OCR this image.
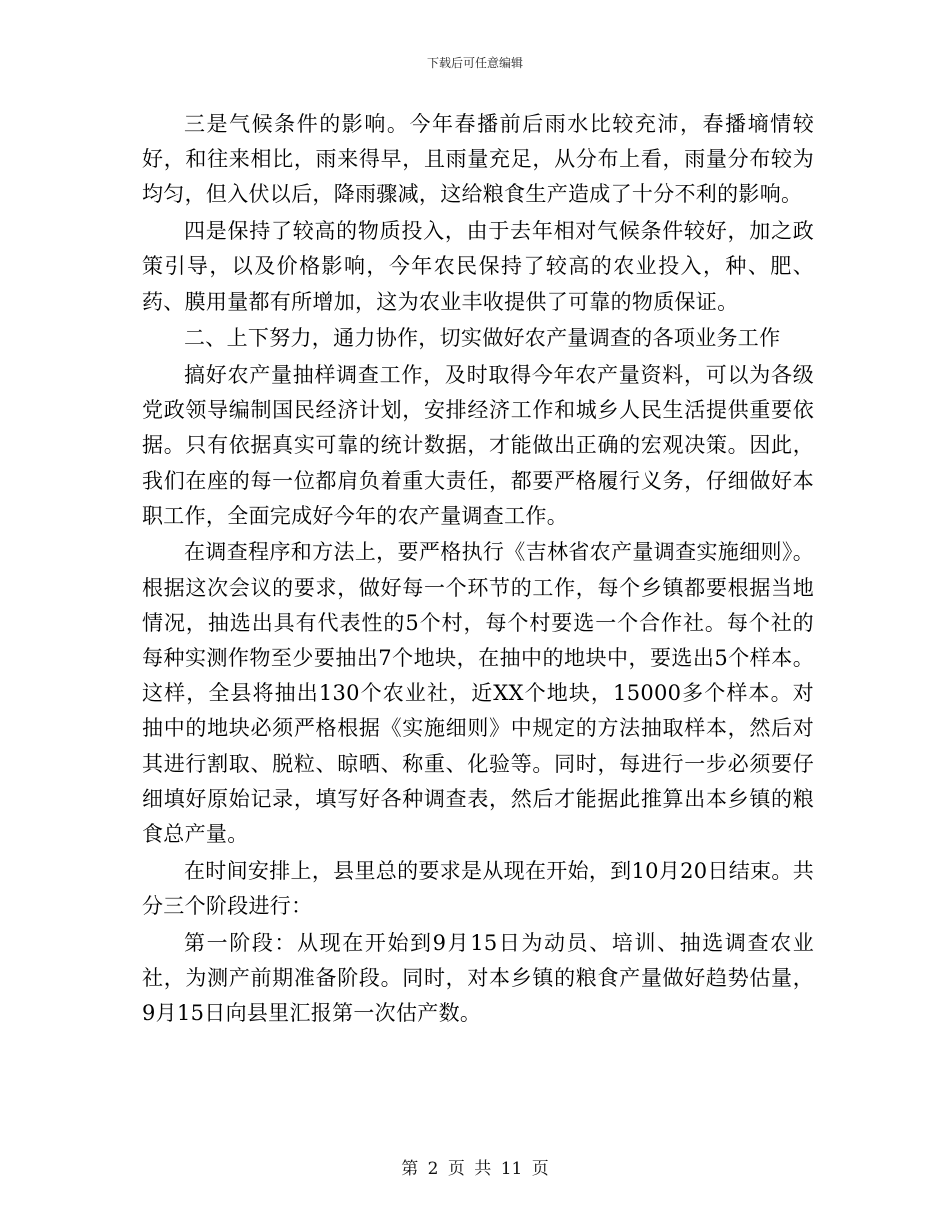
下载后可任意编辑

三是气候条件的影响。今年春播前后雨水比较充沛，春播墒情较好，和往来相比，雨来得早，且雨量充足，从分布上看，雨量分布较为均匀，但入伏以后，降雨骤减，这给粮食生产造成了十分不利的影响。

四是保持了较高的物质投入，由于去年相对气候条件较好，加之政策引导，以及价格影响，今年农民保持了较高的农业投入，种、肥、药、膜用量都有所增加，这为农业丰收提供了可靠的物质保证。

二、上下努力，通力协作，切实做好农产量调查的各项业务工作

搞好农产量抽样调查工作，及时取得今年农产量资料，可以为各级党政领导编制国民经济计划，安排经济工作和城乡人民生活提供重要依据。只有依据真实可靠的统计数据，才能做出正确的宏观决策。因此，我们在座的每一位都肩负着重大责任，都要严格履行义务，仔细做好本职工作，全面完成好今年的农产量调查工作。

在调查程序和方法上，要严格执行《吉林省农产量调查实施细则》。根据这次会议的要求，做好每一个环节的工作，每个乡镇都要根据当地情况，抽选出具有代表性的5个村，每个村要选一个合作社。每个社的每种实测作物至少要抽出7个地块，在抽中的地块中，要选出5个样本。这样，全县将抽出130个农业社，近XX个地块，15000多个样本。对抽中的地块必须严格根据《实施细则》中规定的方法抽取样本，然后对其进行割取、脱粒、晾晒、称重、化验等。同时，每进行一步必须要仔细填好原始记录，填写好各种调查表，然后才能据此推算出本乡镇的粮食总产量。

在时间安排上，县里总的要求是从现在开始，到10月20日结束。共分三个阶段进行：

第一阶段：从现在开始到9月15日为动员、培训、抽选调查农业社，为测产前期准备阶段。同时，对本乡镇的粮食产量做好趋势估量，9月15日向县里汇报第一次估产数。

第 2 页 共 11 页
